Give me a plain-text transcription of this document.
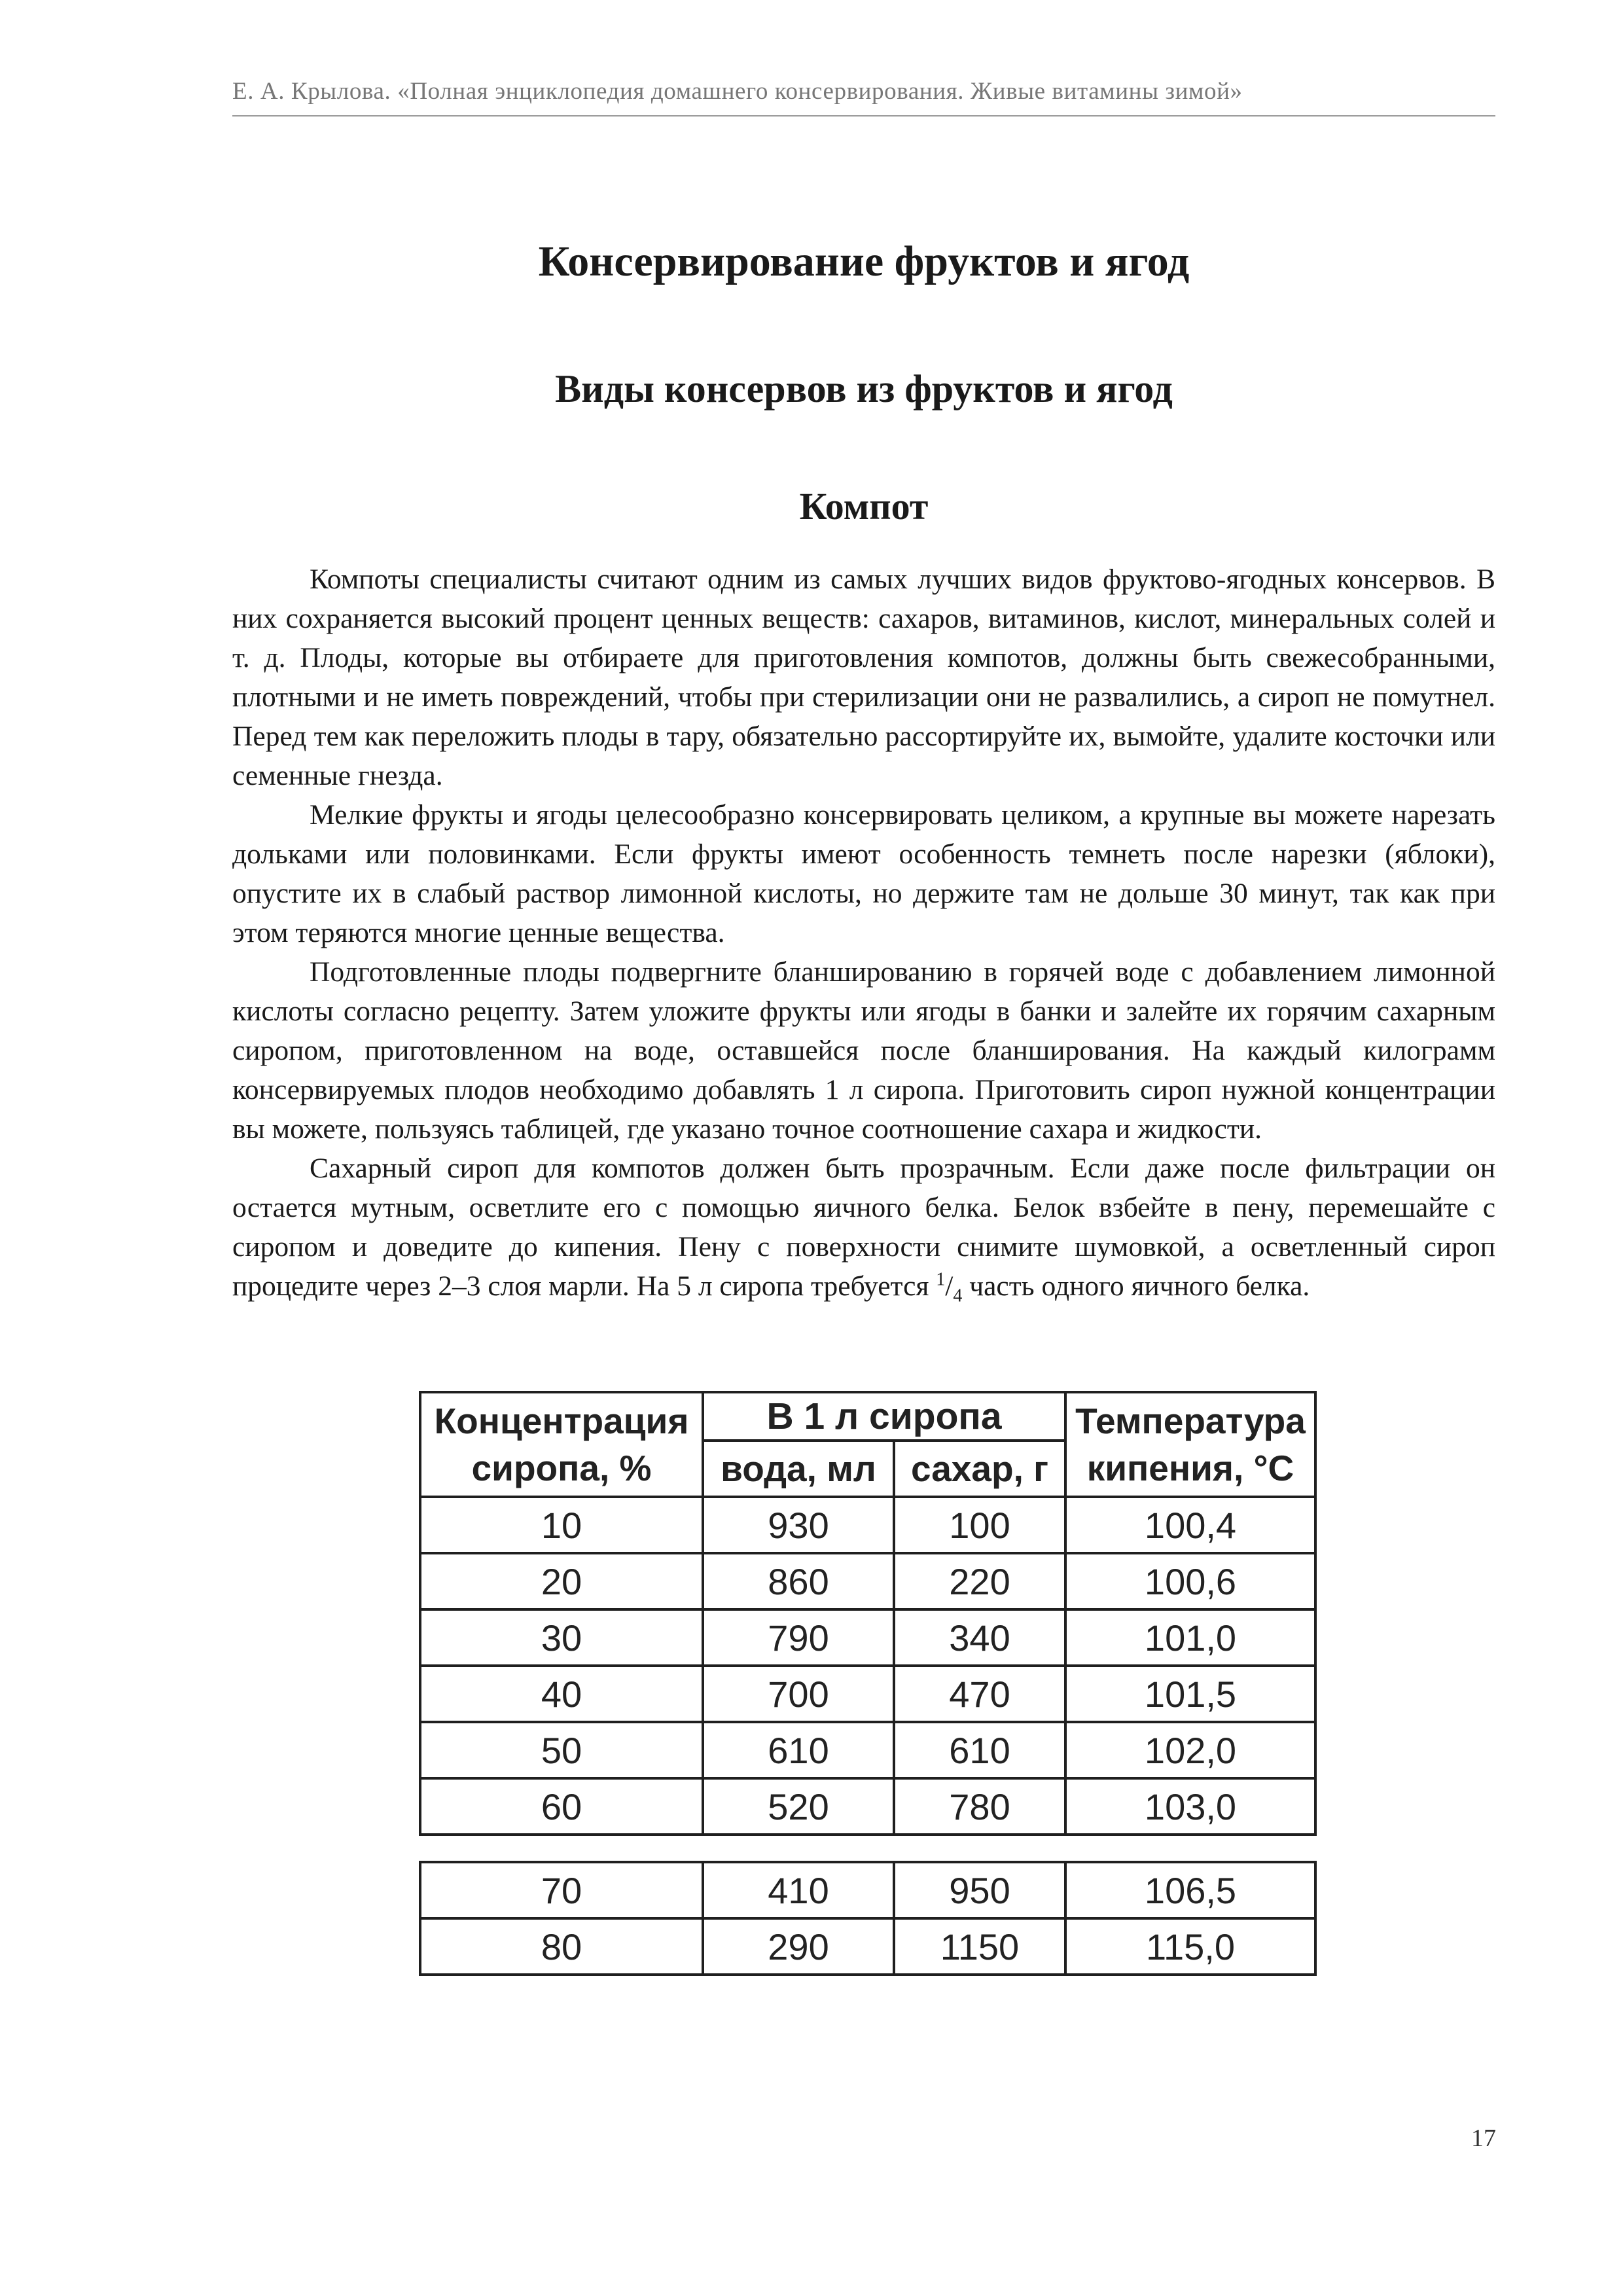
Е. А. Крылова. «Полная энциклопедия домашнего консервирования. Живые витамины зимой»
Консервирование фруктов и ягод
Виды консервов из фруктов и ягод
Компот

Компоты специалисты считают одним из самых лучших видов фруктово-ягодных консервов. В них сохраняется высокий процент ценных веществ: сахаров, витаминов, кислот, минеральных солей и т. д. Плоды, которые вы отбираете для приготовления компотов, должны быть свежесобранными, плотными и не иметь повреждений, чтобы при стерилизации они не развалились, а сироп не помутнел. Перед тем как переложить плоды в тару, обязательно рассортируйте их, вымойте, удалите косточки или семенные гнезда.

Мелкие фрукты и ягоды целесообразно консервировать целиком, а крупные вы можете нарезать дольками или половинками. Если фрукты имеют особенность темнеть после нарезки (яблоки), опустите их в слабый раствор лимонной кислоты, но держите там не дольше 30 минут, так как при этом теряются многие ценные вещества.

Подготовленные плоды подвергните бланшированию в горячей воде с добавлением лимонной кислоты согласно рецепту. Затем уложите фрукты или ягоды в банки и залейте их горячим сахарным сиропом, приготовленном на воде, оставшейся после бланширования. На каждый килограмм консервируемых плодов необходимо добавлять 1 л сиропа. Приготовить сироп нужной концентрации вы можете, пользуясь таблицей, где указано точное соотношение сахара и жидкости.

Сахарный сироп для компотов должен быть прозрачным. Если даже после фильтрации он остается мутным, осветлите его с помощью яичного белка. Белок взбейте в пену, перемешайте с сиропом и доведите до кипения. Пену с поверхности снимите шумовкой, а осветленный сироп процедите через 2–3 слоя марли. На 5 л сиропа требуется $^1/_4$ часть одного яичного белка.

Концентрация сиропа, %	В 1 л сиропа		Температура кипения, °С
	вода, мл	сахар, г	
10	930	100	100,4
20	860	220	100,6
30	790	340	101,0
40	700	470	101,5
50	610	610	102,0
60	520	780	103,0

70	410	950	106,5
80	290	1150	115,0
17
